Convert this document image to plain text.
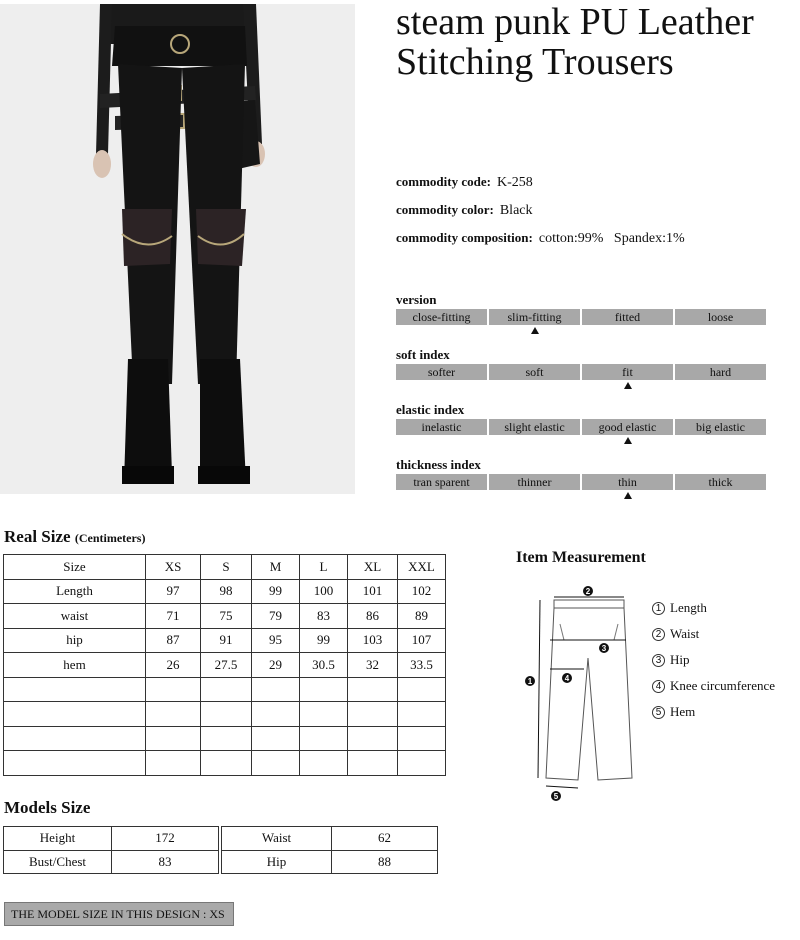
steam punk PU Leather
Stitching Trousers
commodity code: K-258
commodity color: Black
commodity composition: cotton:99%   Spandex:1%
version
close-fitting	slim-fitting	fitted	loose
soft index
softer	soft	fit	hard
elastic index
inelastic	slight elastic	good elastic	big elastic
thickness index
tran sparent	thinner	thin	thick
Real Size (Centimeters)
Size	XS	S	M	L	XL	XXL
Length	97	98	99	100	101	102
waist	71	75	79	83	86	89
hip	87	91	95	99	103	107
hem	26	27.5	29	30.5	32	33.5

Item Measurement
2
3
4
1
5
1 Length
2 Waist
3 Hip
4 Knee circumference
5 Hem
Models Size
Height	172
Bust/Chest	83
Waist	62
Hip	88
THE MODEL SIZE IN THIS DESIGN : XS
